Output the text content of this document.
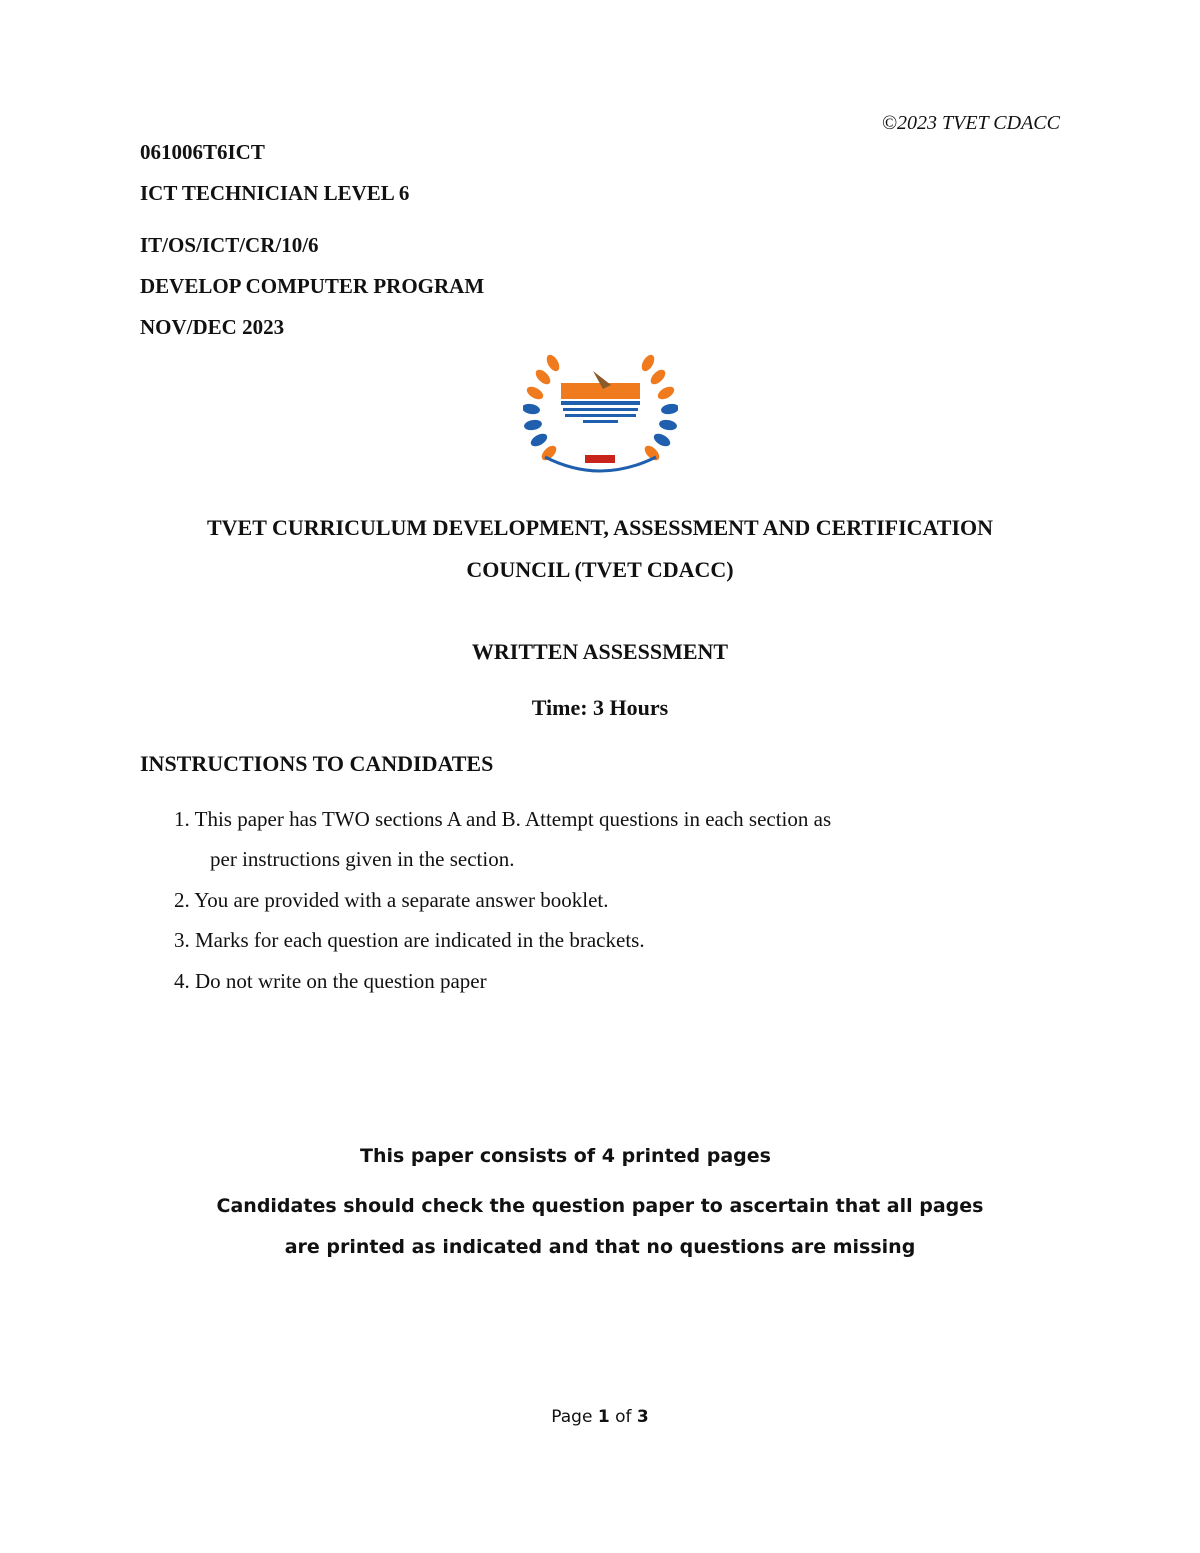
©2023 TVET CDACC
061006T6ICT
ICT TECHNICIAN LEVEL 6
IT/OS/ICT/CR/10/6
DEVELOP COMPUTER PROGRAM
NOV/DEC 2023
TVET CURRICULUM DEVELOPMENT, ASSESSMENT AND CERTIFICATION
COUNCIL (TVET CDACC)
WRITTEN ASSESSMENT
Time: 3 Hours
INSTRUCTIONS TO CANDIDATES
1. This paper has TWO sections A and B. Attempt questions in each section as
per instructions given in the section.
2. You are provided with a separate answer booklet.
3. Marks for each question are indicated in the brackets.
4. Do not write on the question paper
This paper consists of 4 printed pages
Candidates should check the question paper to ascertain that all pages
are printed as indicated and that no questions are missing
Page 1 of 3
